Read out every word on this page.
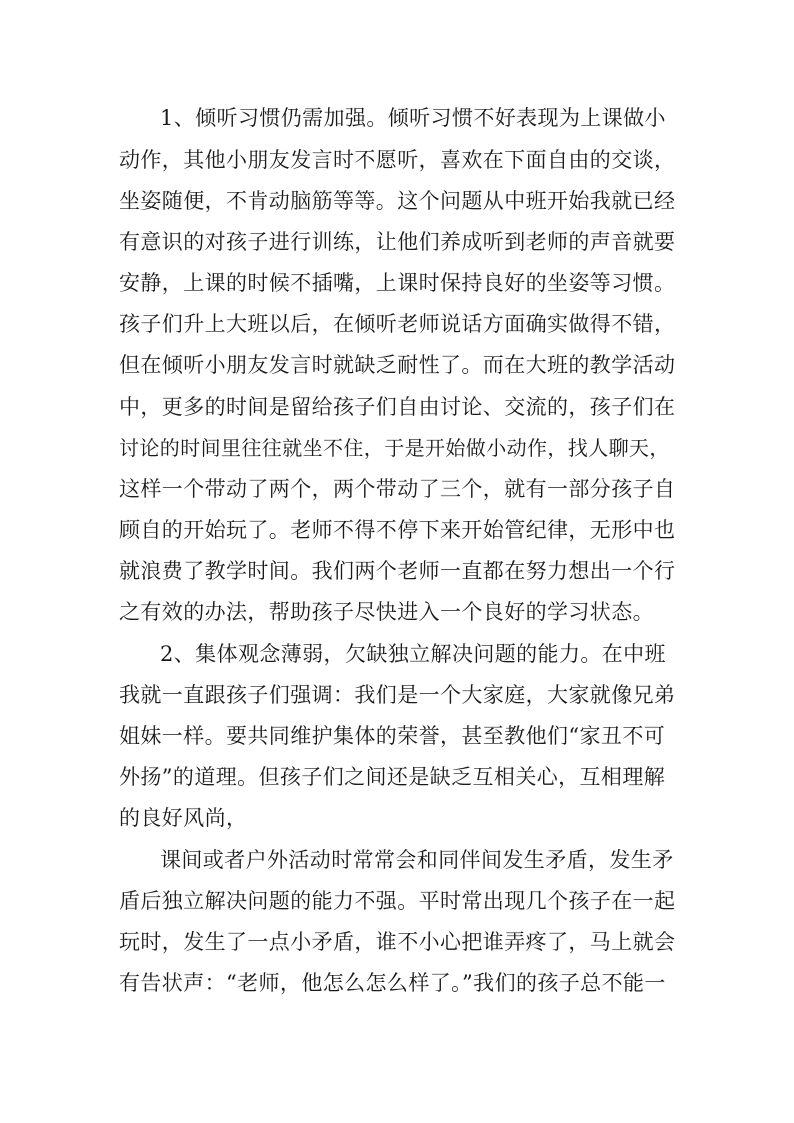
1、倾听习惯仍需加强。倾听习惯不好表现为上课做小
动作，其他小朋友发言时不愿听，喜欢在下面自由的交谈，
坐姿随便，不肯动脑筋等等。这个问题从中班开始我就已经
有意识的对孩子进行训练，让他们养成听到老师的声音就要
安静，上课的时候不插嘴，上课时保持良好的坐姿等习惯。
孩子们升上大班以后，在倾听老师说话方面确实做得不错，
但在倾听小朋友发言时就缺乏耐性了。而在大班的教学活动
中，更多的时间是留给孩子们自由讨论、交流的，孩子们在
讨论的时间里往往就坐不住，于是开始做小动作，找人聊天，
这样一个带动了两个，两个带动了三个，就有一部分孩子自
顾自的开始玩了。老师不得不停下来开始管纪律，无形中也
就浪费了教学时间。我们两个老师一直都在努力想出一个行
之有效的办法，帮助孩子尽快进入一个良好的学习状态。
2、集体观念薄弱，欠缺独立解决问题的能力。在中班
我就一直跟孩子们强调：我们是一个大家庭，大家就像兄弟
姐妹一样。要共同维护集体的荣誉，甚至教他们“家丑不可
外扬”的道理。但孩子们之间还是缺乏互相关心，互相理解
的良好风尚，
课间或者户外活动时常常会和同伴间发生矛盾，发生矛
盾后独立解决问题的能力不强。平时常出现几个孩子在一起
玩时，发生了一点小矛盾，谁不小心把谁弄疼了，马上就会
有告状声：“老师，他怎么怎么样了。”我们的孩子总不能一
